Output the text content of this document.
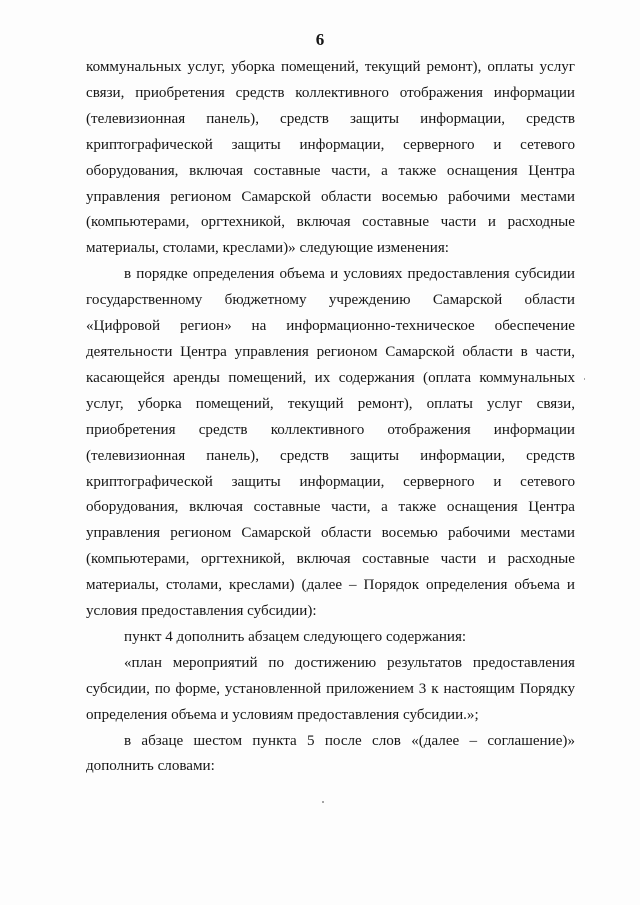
6

коммунальных услуг, уборка помещений, текущий ремонт), оплаты услуг связи, приобретения средств коллективного отображения информации (телевизионная панель), средств защиты информации, средств криптографической защиты информации, серверного и сетевого оборудования, включая составные части, а также оснащения Центра управления регионом Самарской области восемью рабочими местами (компьютерами, оргтехникой, включая составные части и расходные материалы, столами, креслами)» следующие изменения:

в порядке определения объема и условиях предоставления субсидии государственному бюджетному учреждению Самарской области «Цифровой регион» на информационно-техническое обеспечение деятельности Центра управления регионом Самарской области в части, касающейся аренды помещений, их содержания (оплата коммунальных услуг, уборка помещений, текущий ремонт), оплаты услуг связи, приобретения средств коллективного отображения информации (телевизионная панель), средств защиты информации, средств криптографической защиты информации, серверного и сетевого оборудования, включая составные части, а также оснащения Центра управления регионом Самарской области восемью рабочими местами (компьютерами, оргтехникой, включая составные части и расходные материалы, столами, креслами) (далее – Порядок определения объема и условия предоставления субсидии):

пункт 4 дополнить абзацем следующего содержания:

«план мероприятий по достижению результатов предоставления субсидии, по форме, установленной приложением 3 к настоящим Порядку определения объема и условиям предоставления субсидии.»;

в абзаце шестом пункта 5 после слов «(далее – соглашение)» дополнить словами:
